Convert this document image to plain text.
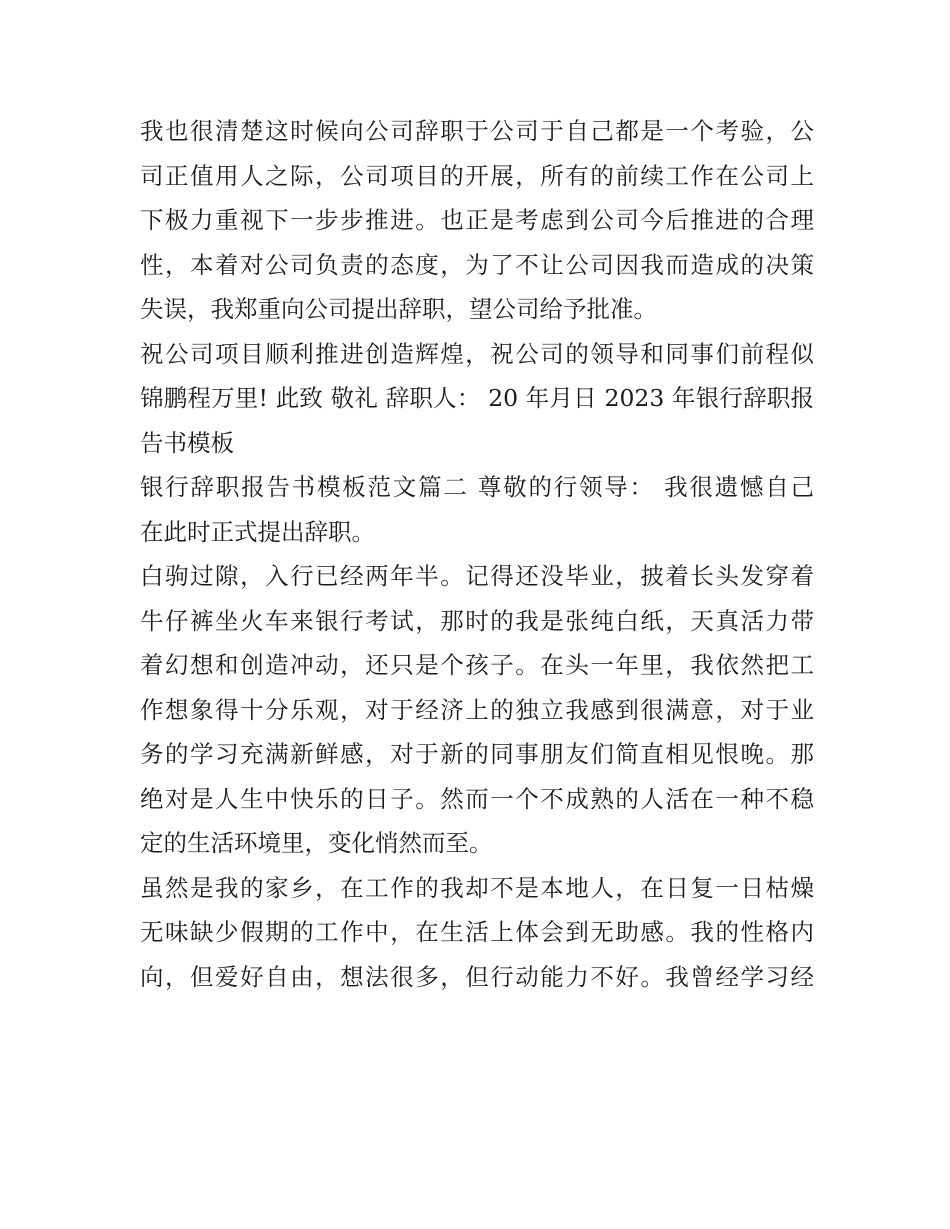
我也很清楚这时候向公司辞职于公司于自己都是一个考验，公
司正值用人之际，公司项目的开展，所有的前续工作在公司上
下极力重视下一步步推进。也正是考虑到公司今后推进的合理
性，本着对公司负责的态度，为了不让公司因我而造成的决策
失误，我郑重向公司提出辞职，望公司给予批准。
祝公司项目顺利推进创造辉煌，祝公司的领导和同事们前程似
锦鹏程万里! 此致 敬礼 辞职人： 20 年月日 2023 年银行辞职报
告书模板
银行辞职报告书模板范文篇二 尊敬的行领导： 我很遗憾自己
在此时正式提出辞职。
白驹过隙，入行已经两年半。记得还没毕业，披着长头发穿着
牛仔裤坐火车来银行考试，那时的我是张纯白纸，天真活力带
着幻想和创造冲动，还只是个孩子。在头一年里，我依然把工
作想象得十分乐观，对于经济上的独立我感到很满意，对于业
务的学习充满新鲜感，对于新的同事朋友们简直相见恨晚。那
绝对是人生中快乐的日子。然而一个不成熟的人活在一种不稳
定的生活环境里，变化悄然而至。
虽然是我的家乡，在工作的我却不是本地人，在日复一日枯燥
无味缺少假期的工作中，在生活上体会到无助感。我的性格内
向，但爱好自由，想法很多，但行动能力不好。我曾经学习经
